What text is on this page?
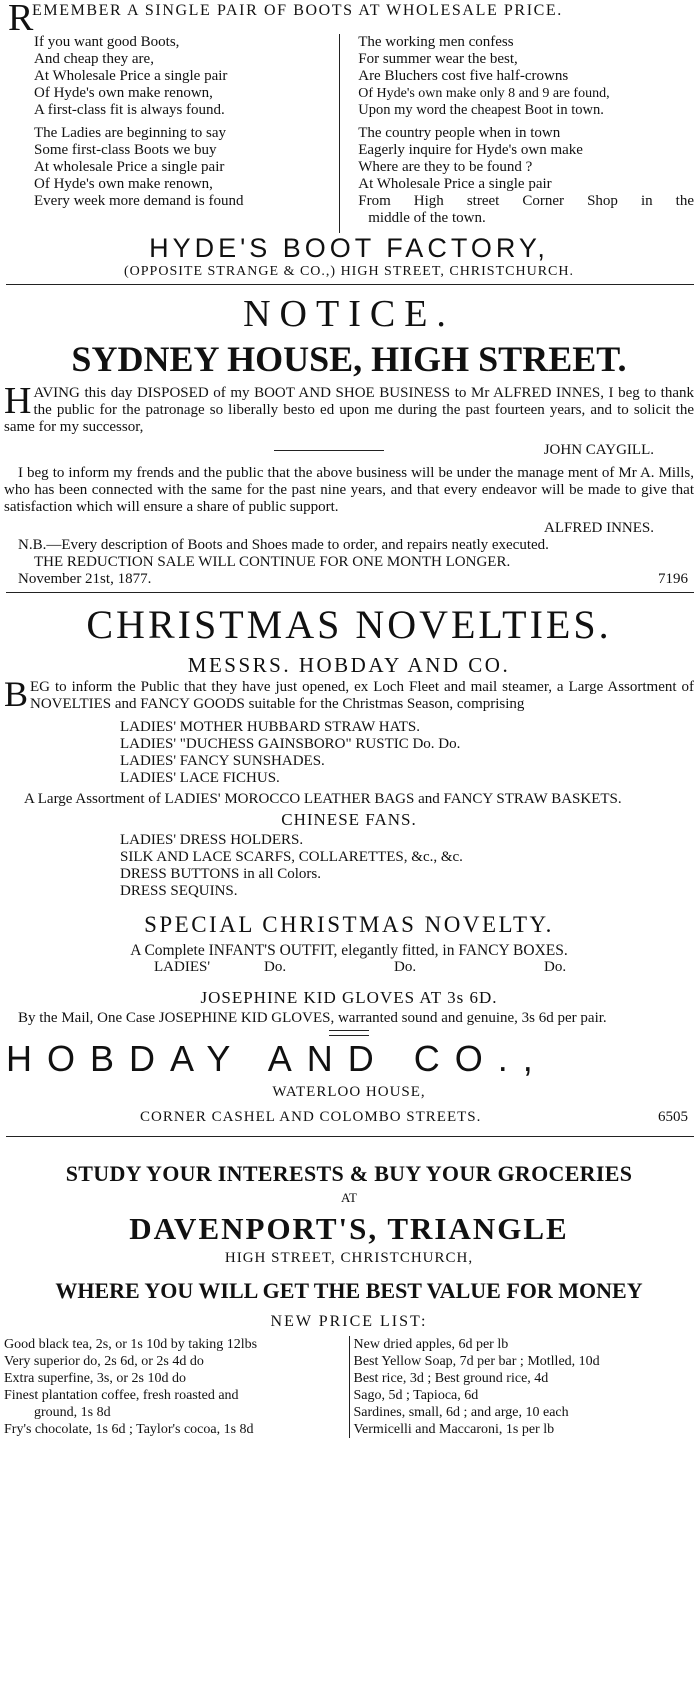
R
EMEMBER A SINGLE PAIR OF BOOTS AT WHOLESALE PRICE.
If you want good Boots,
And cheap they are,
At Wholesale Price a single pair
Of Hyde's own make renown,
A first-class fit is always found.
The Ladies are beginning to say
Some first-class Boots we buy
At wholesale Price a single pair
Of Hyde's own make renown,
Every week more demand is found
The working men confess
For summer wear the best,
Are Bluchers cost five half-crowns
Of Hyde's own make only 8 and 9 are found,
Upon my word the cheapest Boot in town.
The country people when in town
Eagerly inquire for Hyde's own make
Where are they to be found ?
At Wholesale Price a single pair
From High street Corner Shop in the
middle of the town.
HYDE'S BOOT FACTORY,
(OPPOSITE STRANGE & CO.,) HIGH STREET, CHRISTCHURCH.
NOTICE.
SYDNEY HOUSE, HIGH STREET.
HAVING this day DISPOSED of my BOOT AND SHOE BUSINESS to Mr ALFRED INNES, I beg to thank the public for the patronage so liberally besto ed upon me during the past fourteen years, and to solicit the same for my successor,
JOHN CAYGILL.
I beg to inform my frends and the public that the above business will be under the manage ment of Mr A. Mills, who has been connected with the same for the past nine years, and that every endeavor will be made to give that satisfaction which will ensure a share of public support.
ALFRED INNES.
N.B.—Every description of Boots and Shoes made to order, and repairs neatly executed.
THE REDUCTION SALE WILL CONTINUE FOR ONE MONTH LONGER.
November 21st, 1877.	7196
CHRISTMAS NOVELTIES.
MESSRS. HOBDAY AND CO.
BEG to inform the Public that they have just opened, ex Loch Fleet and mail steamer, a Large Assortment of NOVELTIES and FANCY GOODS suitable for the Christmas Season, comprising
LADIES' MOTHER HUBBARD STRAW HATS.
LADIES' "DUCHESS GAINSBORO" RUSTIC Do. Do.
LADIES' FANCY SUNSHADES.
LADIES' LACE FICHUS.
A Large Assortment of LADIES' MOROCCO LEATHER BAGS and FANCY STRAW BASKETS.
CHINESE FANS.
LADIES' DRESS HOLDERS.
SILK AND LACE SCARFS, COLLARETTES, &c., &c.
DRESS BUTTONS in all Colors.
DRESS SEQUINS.
SPECIAL CHRISTMAS NOVELTY.
A Complete INFANT'S OUTFIT, elegantly fitted, in FANCY BOXES.
LADIES'	Do.	Do.	Do.
JOSEPHINE KID GLOVES AT 3s 6D.
By the Mail, One Case JOSEPHINE KID GLOVES, warranted sound and genuine, 3s 6d per pair.
HOBDAY AND CO.,
WATERLOO HOUSE,
CORNER CASHEL AND COLOMBO STREETS.	6505
STUDY YOUR INTERESTS & BUY YOUR GROCERIES
AT
DAVENPORT'S, TRIANGLE
HIGH STREET, CHRISTCHURCH,
WHERE YOU WILL GET THE BEST VALUE FOR MONEY
NEW PRICE LIST:
Good black tea, 2s, or 1s 10d by taking 12lbs	New dried apples, 6d per lb
Very superior do, 2s 6d, or 2s 4d do	Best Yellow Soap, 7d per bar ; Motlled, 10d
Extra superfine, 3s, or 2s 10d do	Best rice, 3d ; Best ground rice, 4d
Finest plantation coffee, fresh roasted and	Sago, 5d ; Tapioca, 6d
ground, 1s 8d	Sardines, small, 6d ; and arge, 10 each
Fry's chocolate, 1s 6d ; Taylor's cocoa, 1s 8d	Vermicelli and Maccaroni, 1s per lb
